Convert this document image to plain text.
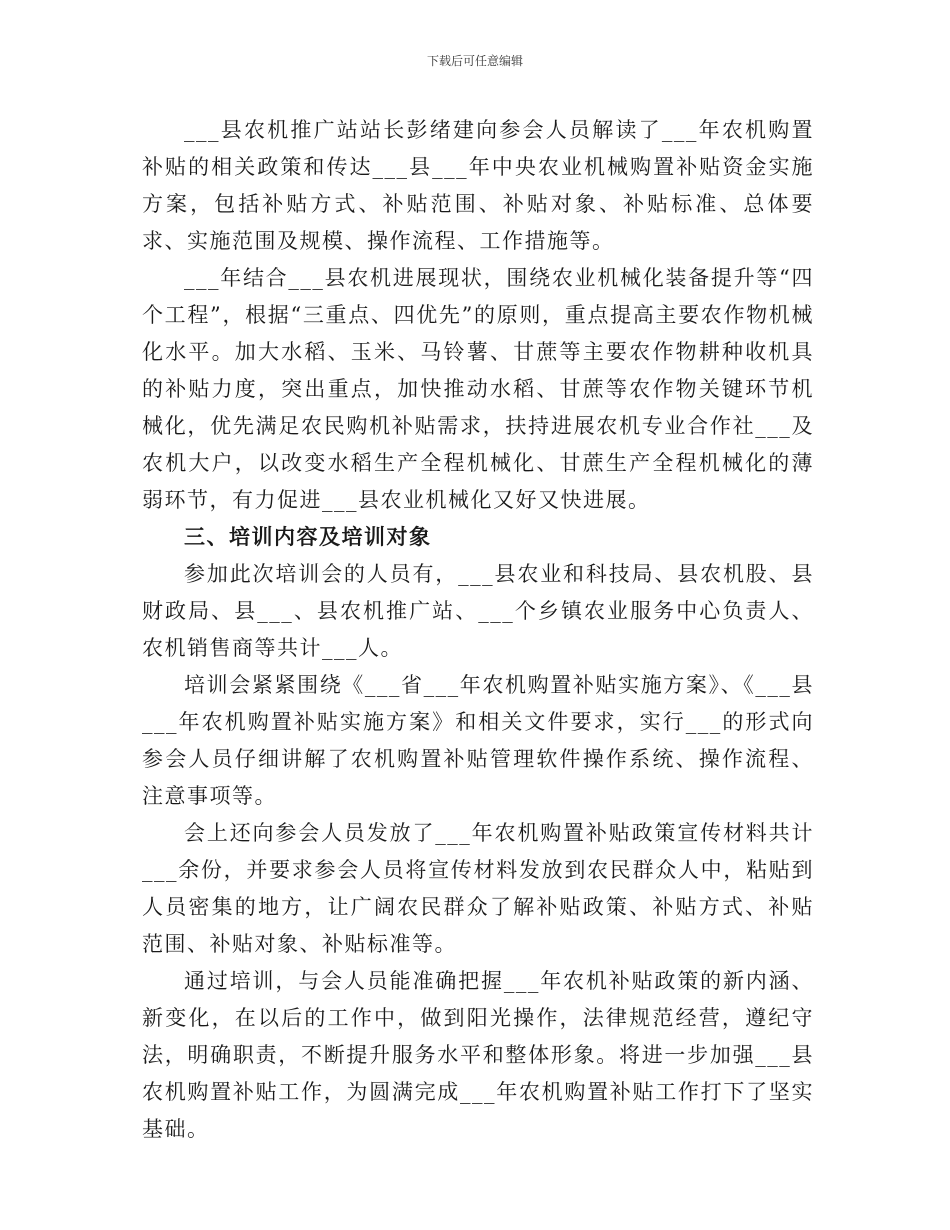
下载后可任意编辑

___县农机推广站站长彭绪建向参会人员解读了___年农机购置补贴的相关政策和传达___县___年中央农业机械购置补贴资金实施方案，包括补贴方式、补贴范围、补贴对象、补贴标准、总体要求、实施范围及规模、操作流程、工作措施等。

___年结合___县农机进展现状，围绕农业机械化装备提升等“四个工程”，根据“三重点、四优先”的原则，重点提高主要农作物机械化水平。加大水稻、玉米、马铃薯、甘蔗等主要农作物耕种收机具的补贴力度，突出重点，加快推动水稻、甘蔗等农作物关键环节机械化，优先满足农民购机补贴需求，扶持进展农机专业合作社___及农机大户，以改变水稻生产全程机械化、甘蔗生产全程机械化的薄弱环节，有力促进___县农业机械化又好又快进展。

三、培训内容及培训对象

参加此次培训会的人员有，___县农业和科技局、县农机股、县财政局、县___、县农机推广站、___个乡镇农业服务中心负责人、农机销售商等共计___人。

培训会紧紧围绕《___省___年农机购置补贴实施方案》、《___县___年农机购置补贴实施方案》和相关文件要求，实行___的形式向参会人员仔细讲解了农机购置补贴管理软件操作系统、操作流程、注意事项等。

会上还向参会人员发放了___年农机购置补贴政策宣传材料共计___余份，并要求参会人员将宣传材料发放到农民群众人中，粘贴到人员密集的地方，让广阔农民群众了解补贴政策、补贴方式、补贴范围、补贴对象、补贴标准等。

通过培训，与会人员能准确把握___年农机补贴政策的新内涵、新变化，在以后的工作中，做到阳光操作，法律规范经营，遵纪守法，明确职责，不断提升服务水平和整体形象。将进一步加强___县农机购置补贴工作，为圆满完成___年农机购置补贴工作打下了坚实基础。
